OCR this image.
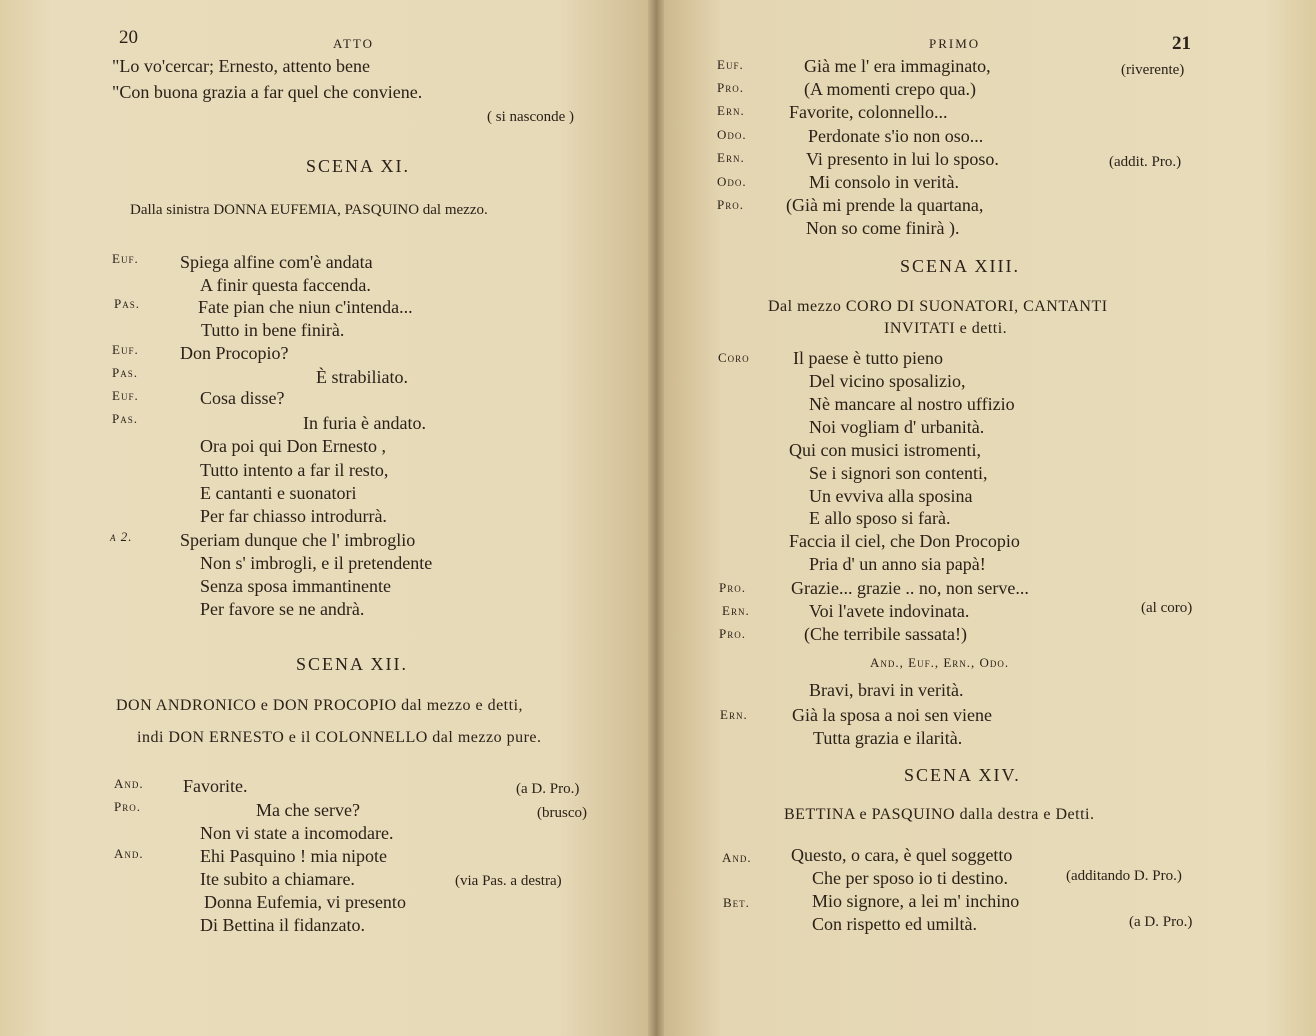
20	ATTO
"Lo vo'cercar; Ernesto, attento bene
"Con buona grazia a far quel che conviene.
( si nasconde )
SCENA XI.
Dalla sinistra DONNA EUFEMIA, PASQUINO dal mezzo.
Euf. Spiega alfine com'è andata
A finir questa faccenda.
Pas.	Fate pian che niun c'intenda...
Tutto in bene finirà.
Euf. Don Procopio?
Pas.	È strabiliato.
Euf.	Cosa disse?
Pas.	In furia è andato.
Ora poi qui Don Ernesto ,
Tutto intento a far il resto,
E cantanti e suonatori
Per far chiasso introdurrà.
a 2.	Speriam dunque che l' imbroglio
Non s' imbrogli, e il pretendente
Senza sposa immantinente
Per favore se ne andrà.
SCENA XII.
DON ANDRONICO e DON PROCOPIO dal mezzo e detti,
indi DON ERNESTO e il COLONNELLO dal mezzo pure.
And. Favorite.	(a D. Pro.)
Pro.	Ma che serve?	(brusco)
Non vi state a incomodare.
And.	Ehi Pasquino ! mia nipote
Ite subito a chiamare.	(via Pas. a destra)
Donna Eufemia, vi presento
Di Bettina il fidanzato.
PRIMO	21
Euf.	Già me l' era immaginato,	(riverente)
Pro.	(A momenti crepo qua.)
Ern. Favorite, colonnello...
Odo.	Perdonate s'io non oso...
Ern.	Vi presento in lui lo sposo.	(addit. Pro.)
Odo.	Mi consolo in verità.
Pro. (Già mi prende la quartana,
Non so come finirà ).
SCENA XIII.
Dal mezzo CORO DI SUONATORI, CANTANTI
INVITATI e detti.
Coro Il paese è tutto pieno
Del vicino sposalizio,
Nè mancare al nostro uffizio
Noi vogliam d' urbanità.
Qui con musici istromenti,
Se i signori son contenti,
Un evviva alla sposina
E allo sposo si farà.
Faccia il ciel, che Don Procopio
Pria d' un anno sia papà!
Pro.	Grazie... grazie .. no, non serve...
Ern.	Voi l'avete indovinata.	(al coro)
Pro.	(Che terribile sassata!)
And., Euf., Ern., Odo.
Bravi, bravi in verità.
Ern. Già la sposa a noi sen viene
Tutta grazia e ilarità.
SCENA XIV.
BETTINA e PASQUINO dalla destra e Detti.
And. Questo, o cara, è quel soggetto
Che per sposo io ti destino.	(additando D. Pro.)
Bet.	Mio signore, a lei m' inchino
Con rispetto ed umiltà.	(a D. Pro.)
